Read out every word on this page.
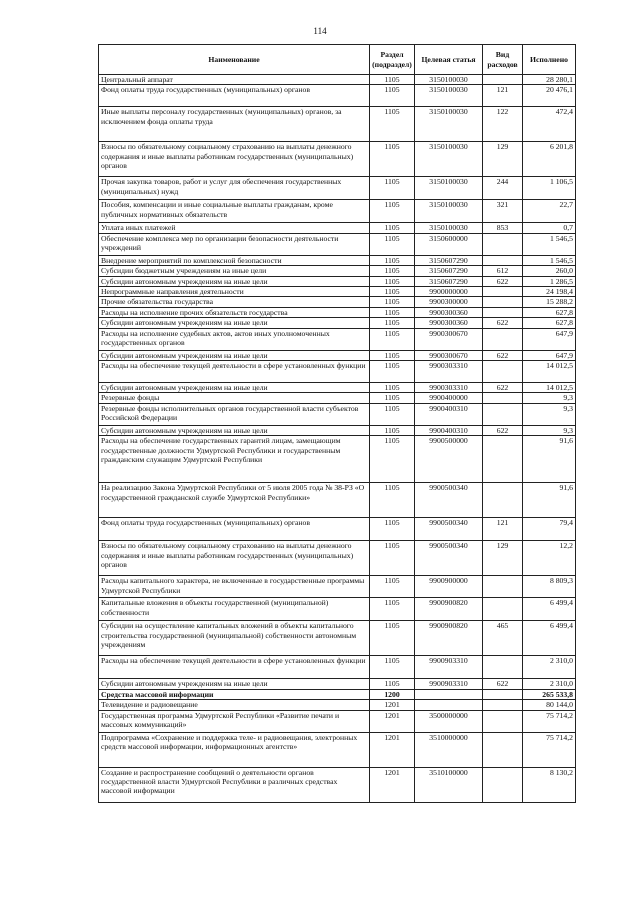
114
Наименование	Раздел (подраздел)	Целевая статья	Вид расходов	Исполнено
Центральный аппарат	1105	3150100030		28 280,1
Фонд оплаты труда государственных (муниципальных) органов	1105	3150100030	121	20 476,1
Иные выплаты персоналу государственных (муниципальных) органов, за исключением фонда оплаты труда	1105	3150100030	122	472,4
Взносы по обязательному социальному страхованию на выплаты денежного содержания и иные выплаты работникам государственных (муниципальных) органов	1105	3150100030	129	6 201,8
Прочая закупка товаров, работ и услуг для обеспечения государственных (муниципальных) нужд	1105	3150100030	244	1 106,5
Пособия, компенсации и иные социальные выплаты гражданам, кроме публичных нормативных обязательств	1105	3150100030	321	22,7
Уплата иных платежей	1105	3150100030	853	0,7
Обеспечение комплекса мер по организации безопасности деятельности учреждений	1105	3150600000		1 546,5
Внедрение мероприятий по комплексной безопасности	1105	3150607290		1 546,5
Субсидии бюджетным учреждениям на иные цели	1105	3150607290	612	260,0
Субсидии автономным учреждениям на иные цели	1105	3150607290	622	1 286,5
Непрограммные направления деятельности	1105	9900000000		24 198,4
Прочие обязательства государства	1105	9900300000		15 288,2
Расходы на исполнение прочих обязательств государства	1105	9900300360		627,8
Субсидии автономным учреждениям на иные цели	1105	9900300360	622	627,8
Расходы на исполнение судебных актов, актов иных уполномоченных государственных органов	1105	9900300670		647,9
Субсидии автономным учреждениям на иные цели	1105	9900300670	622	647,9
Расходы на обеспечение текущей деятельности в сфере установленных функции	1105	9900303310		14 012,5
Субсидии автономным учреждениям на иные цели	1105	9900303310	622	14 012,5
Резервные фонды	1105	9900400000		9,3
Резервные фонды исполнительных органов государственной власти субъектов Российской Федерации	1105	9900400310		9,3
Субсидии автономным учреждениям на иные цели	1105	9900400310	622	9,3
Расходы на обеспечение государственных гарантий лицам, замещающим государственные должности Удмуртской Республики и государственным гражданским служащим Удмуртской Республики	1105	9900500000		91,6
На реализацию Закона Удмуртской Республики от 5 июля 2005 года № 38-РЗ «О государственной гражданской службе Удмуртской Республики»	1105	9900500340		91,6
Фонд оплаты труда государственных (муниципальных) органов	1105	9900500340	121	79,4
Взносы по обязательному социальному страхованию на выплаты денежного содержания и иные выплаты работникам государственных (муниципальных) органов	1105	9900500340	129	12,2
Расходы капитального характера, не включенные в государственные программы Удмуртской Республики	1105	9900900000		8 809,3
Капитальные вложения в объекты государственной (муниципальной) собственности	1105	9900900820		6 499,4
Субсидии на осуществление капитальных вложений в объекты капитального строительства государственной (муниципальной) собственности автономным учреждениям	1105	9900900820	465	6 499,4
Расходы на обеспечение текущей деятельности в сфере установленных функции	1105	9900903310		2 310,0
Субсидии автономным учреждениям на иные цели	1105	9900903310	622	2 310,0
Средства массовой информации	1200			265 533,8
Телевидение и радиовещание	1201			80 144,0
Государственная программа Удмуртской Республики «Развитие печати и массовых коммуникаций»	1201	3500000000		75 714,2
Подпрограмма «Сохранение и поддержка теле- и радиовещания, электронных средств массовой информации, информационных агентств»	1201	3510000000		75 714,2
Создание и распространение сообщений о деятельности органов государственной власти Удмуртской Республики в различных средствах массовой информации	1201	3510100000		8 130,2
